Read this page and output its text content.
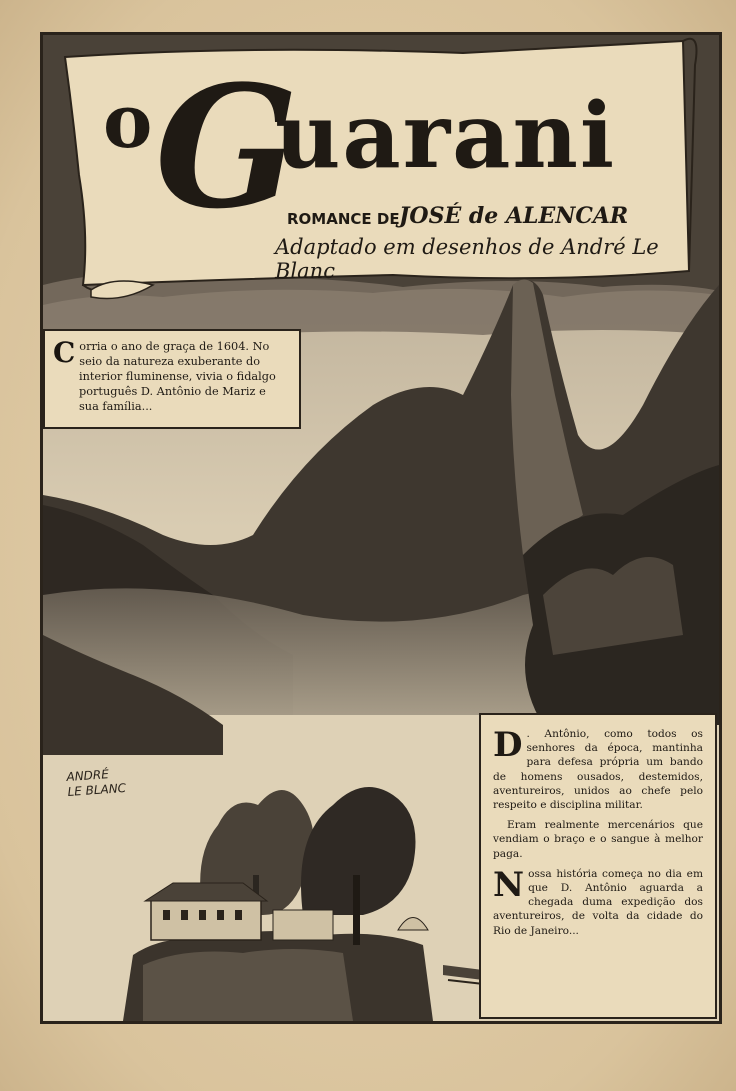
o G
uarani
ROMANCE DE JOSÉ de ALENCAR
Adaptado em desenhos de André Le Blanc
C orria o ano de graça de 1604. No seio da natureza exuberante do interior fluminense, vivia o fidalgo português D. Antônio de Mariz e sua família...

D . Antônio, como todos os senhores da época, mantinha para defesa própria um bando de homens ousados, destemidos, aventureiros, unidos ao chefe pelo respeito e disciplina militar.

Eram realmente mercenários que vendiam o braço e o sangue à melhor paga.

N ossa história começa no dia em que D. Antônio aguarda a chegada duma expedição dos aventureiros, de volta da cidade do Rio de Janeiro...

ANDRÉ
LE BLANC
